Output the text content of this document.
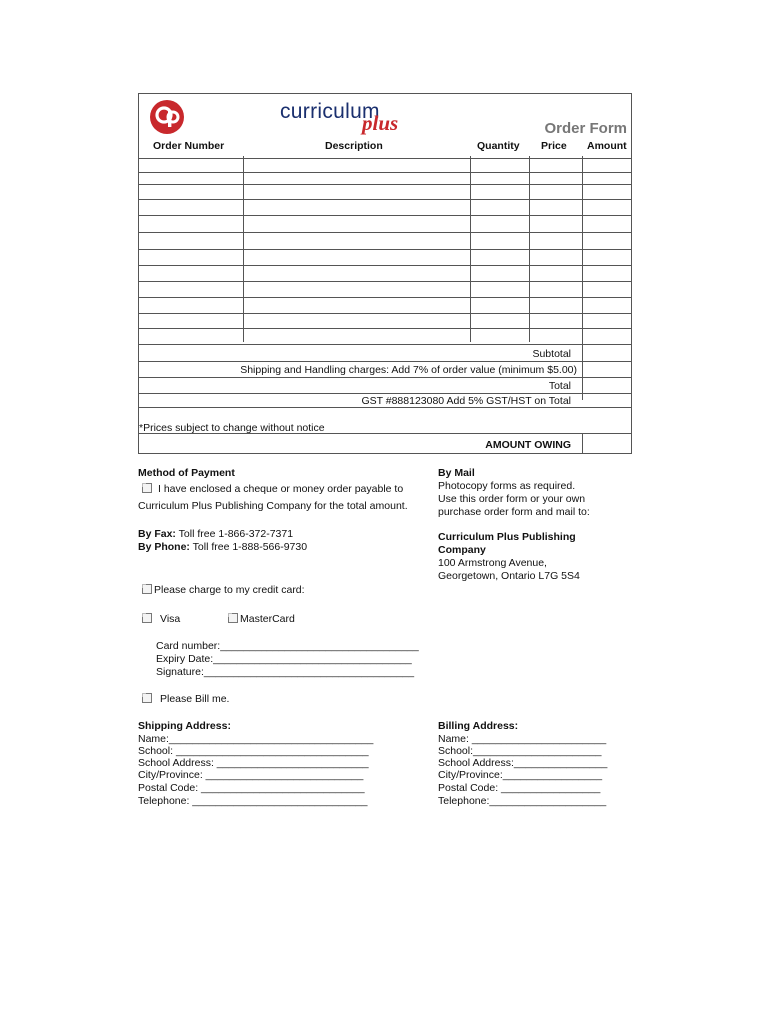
curriculum
plus	Order Form
Order Number	Description	Quantity Price Amount
Subtotal
Shipping and Handling charges: Add 7% of order value (minimum $5.00)
Total
GST #888123080 Add 5% GST/HST on Total
*Prices subject to change without notice
AMOUNT OWING
Method of Payment
I have enclosed a cheque or money order payable to
Curriculum Plus Publishing Company for the total amount.
By Fax: Toll free 1-866-372-7371
By Phone: Toll free 1-888-566-9730
Please charge to my credit card:
Visa	MasterCard
Card number:__________________________________
Expiry Date:__________________________________
Signature:____________________________________
Please Bill me.
By Mail
Photocopy forms as required.
Use this order form or your own
purchase order form and mail to:
Curriculum Plus Publishing
Company
100 Armstrong Avenue,
Georgetown, Ontario L7G 5S4
Shipping Address:
Name:___________________________________
School: _________________________________
School Address: __________________________
City/Province: ___________________________
Postal Code: ____________________________
Telephone: ______________________________
Billing Address:
Name: _______________________
School:______________________
School Address:________________
City/Province:_________________
Postal Code: _________________
Telephone:____________________
